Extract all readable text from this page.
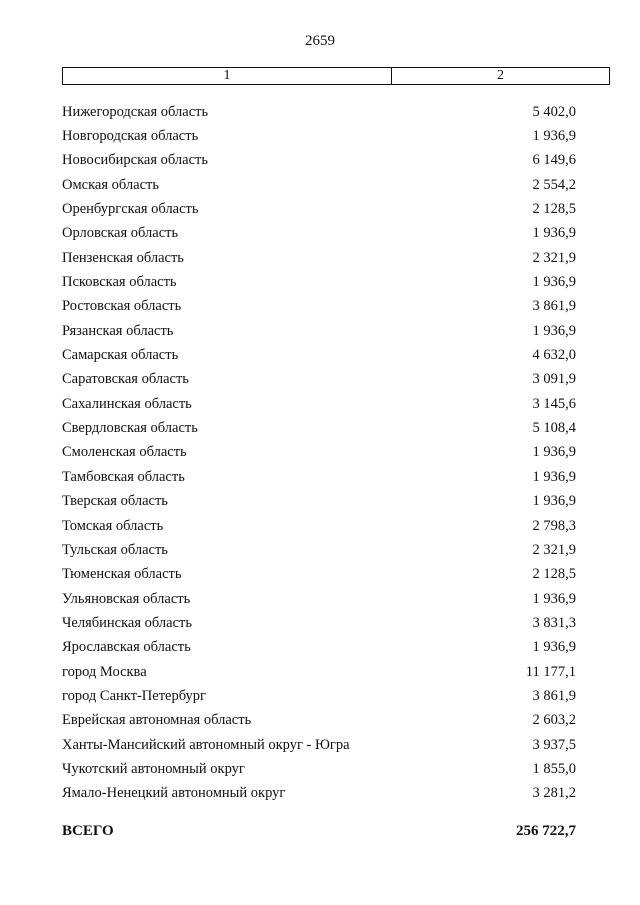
2659
1	2
Нижегородская область	5 402,0
Новгородская область	1 936,9
Новосибирская область	6 149,6
Омская область	2 554,2
Оренбургская область	2 128,5
Орловская область	1 936,9
Пензенская область	2 321,9
Псковская область	1 936,9
Ростовская область	3 861,9
Рязанская область	1 936,9
Самарская область	4 632,0
Саратовская область	3 091,9
Сахалинская область	3 145,6
Свердловская область	5 108,4
Смоленская область	1 936,9
Тамбовская область	1 936,9
Тверская область	1 936,9
Томская область	2 798,3
Тульская область	2 321,9
Тюменская область	2 128,5
Ульяновская область	1 936,9
Челябинская область	3 831,3
Ярославская область	1 936,9
город Москва	11 177,1
город Санкт-Петербург	3 861,9
Еврейская автономная область	2 603,2
Ханты-Мансийский автономный округ - Югра	3 937,5
Чукотский автономный округ	1 855,0
Ямало-Ненецкий автономный округ	3 281,2
ВСЕГО	256 722,7
